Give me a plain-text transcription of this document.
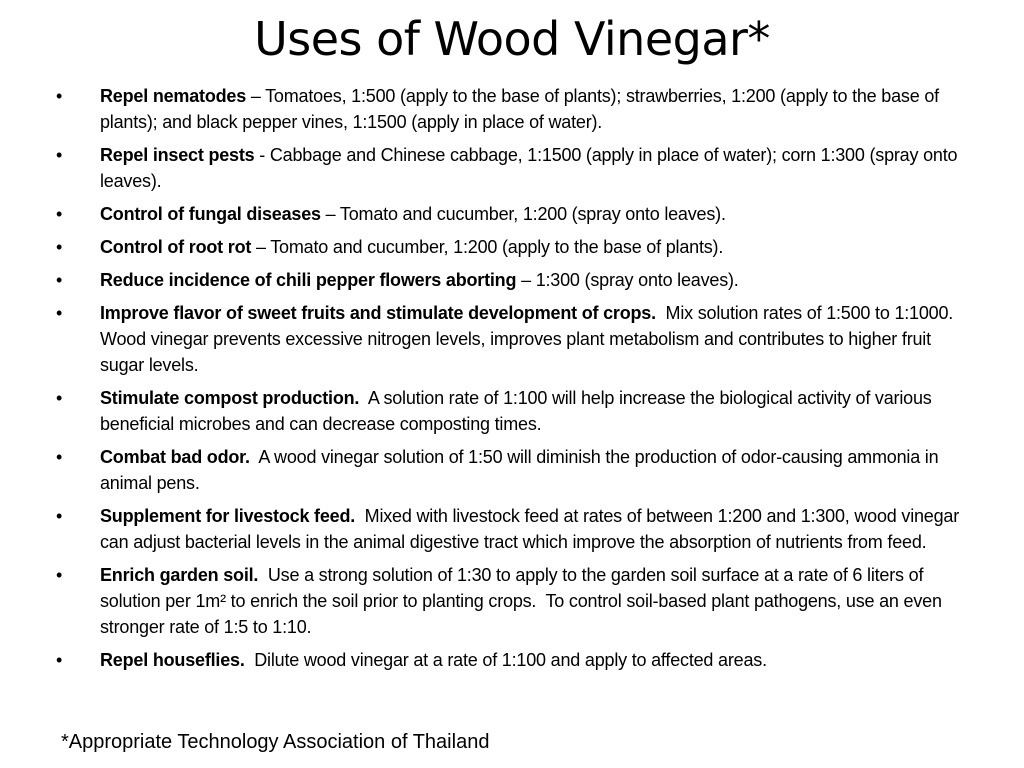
Uses of Wood Vinegar*
•	Repel nematodes – Tomatoes, 1:500 (apply to the base of plants); strawberries, 1:200 (apply to the base of plants); and black pepper vines, 1:1500 (apply in place of water).
•	Repel insect pests - Cabbage and Chinese cabbage, 1:1500 (apply in place of water); corn 1:300 (spray onto leaves).
•	Control of fungal diseases – Tomato and cucumber, 1:200 (spray onto leaves).
•	Control of root rot – Tomato and cucumber, 1:200 (apply to the base of plants).
•	Reduce incidence of chili pepper flowers aborting – 1:300 (spray onto leaves).
•	Improve flavor of sweet fruits and stimulate development of crops.  Mix solution rates of 1:500 to 1:1000.  Wood vinegar prevents excessive nitrogen levels, improves plant metabolism and contributes to higher fruit sugar levels.
•	Stimulate compost production.  A solution rate of 1:100 will help increase the biological activity of various beneficial microbes and can decrease composting times.
•	Combat bad odor.  A wood vinegar solution of 1:50 will diminish the production of odor-causing ammonia in animal pens.
•	Supplement for livestock feed.  Mixed with livestock feed at rates of between 1:200 and 1:300, wood vinegar can adjust bacterial levels in the animal digestive tract which improve the absorption of nutrients from feed.
•	Enrich garden soil.  Use a strong solution of 1:30 to apply to the garden soil surface at a rate of 6 liters of solution per 1m² to enrich the soil prior to planting crops.  To control soil-based plant pathogens, use an even stronger rate of 1:5 to 1:10.
•	Repel houseflies.  Dilute wood vinegar at a rate of 1:100 and apply to affected areas.
*Appropriate Technology Association of Thailand
